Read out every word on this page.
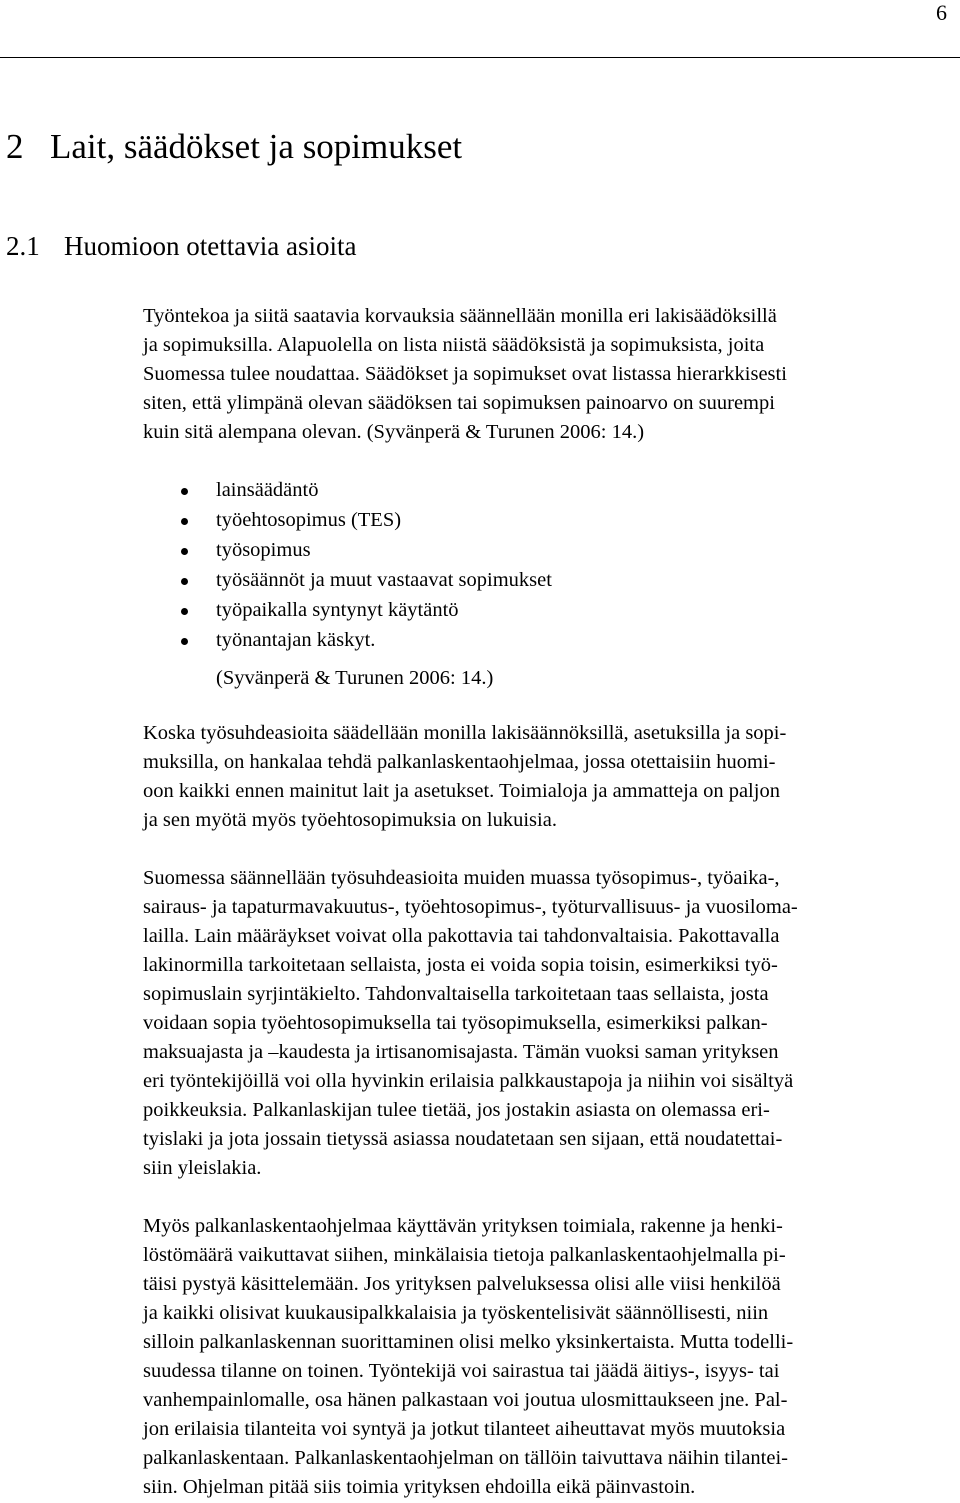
6
2 Lait, säädökset ja sopimukset
2.1 Huomioon otettavia asioita

Työntekoa ja siitä saatavia korvauksia säännellään monilla eri lakisäädöksillä
ja sopimuksilla. Alapuolella on lista niistä säädöksistä ja sopimuksista, joita
Suomessa tulee noudattaa. Säädökset ja sopimukset ovat listassa hierarkkisesti
siten, että ylimpänä olevan säädöksen tai sopimuksen painoarvo on suurempi
kuin sitä alempana olevan. (Syvänperä & Turunen 2006: 14.)

lainsäädäntö
työehtosopimus (TES)
työsopimus
työsäännöt ja muut vastaavat sopimukset
työpaikalla syntynyt käytäntö
työnantajan käskyt.
(Syvänperä & Turunen 2006: 14.)

Koska työsuhdeasioita säädellään monilla lakisäännöksillä, asetuksilla ja sopi-
muksilla, on hankalaa tehdä palkanlaskentaohjelmaa, jossa otettaisiin huomi-
oon kaikki ennen mainitut lait ja asetukset. Toimialoja ja ammatteja on paljon
ja sen myötä myös työehtosopimuksia on lukuisia.

Suomessa säännellään työsuhdeasioita muiden muassa työsopimus-, työaika-,
sairaus- ja tapaturmavakuutus-, työehtosopimus-, työturvallisuus- ja vuosiloma-
lailla. Lain määräykset voivat olla pakottavia tai tahdonvaltaisia. Pakottavalla
lakinormilla tarkoitetaan sellaista, josta ei voida sopia toisin, esimerkiksi työ-
sopimuslain syrjintäkielto. Tahdonvaltaisella tarkoitetaan taas sellaista, josta
voidaan sopia työehtosopimuksella tai työsopimuksella, esimerkiksi palkan-
maksuajasta ja –kaudesta ja irtisanomisajasta. Tämän vuoksi saman yrityksen
eri työntekijöillä voi olla hyvinkin erilaisia palkkaustapoja ja niihin voi sisältyä
poikkeuksia. Palkanlaskijan tulee tietää, jos jostakin asiasta on olemassa eri-
tyislaki ja jota jossain tietyssä asiassa noudatetaan sen sijaan, että noudatettai-
siin yleislakia.

Myös palkanlaskentaohjelmaa käyttävän yrityksen toimiala, rakenne ja henki-
löstömäärä vaikuttavat siihen, minkälaisia tietoja palkanlaskentaohjelmalla pi-
täisi pystyä käsittelemään. Jos yrityksen palveluksessa olisi alle viisi henkilöä
ja kaikki olisivat kuukausipalkkalaisia ja työskentelisivät säännöllisesti, niin
silloin palkanlaskennan suorittaminen olisi melko yksinkertaista. Mutta todelli-
suudessa tilanne on toinen. Työntekijä voi sairastua tai jäädä äitiys-, isyys- tai
vanhempainlomalle, osa hänen palkastaan voi joutua ulosmittaukseen jne. Pal-
jon erilaisia tilanteita voi syntyä ja jotkut tilanteet aiheuttavat myös muutoksia
palkanlaskentaan. Palkanlaskentaohjelman on tällöin taivuttava näihin tilantei-
siin. Ohjelman pitää siis toimia yrityksen ehdoilla eikä päinvastoin.
